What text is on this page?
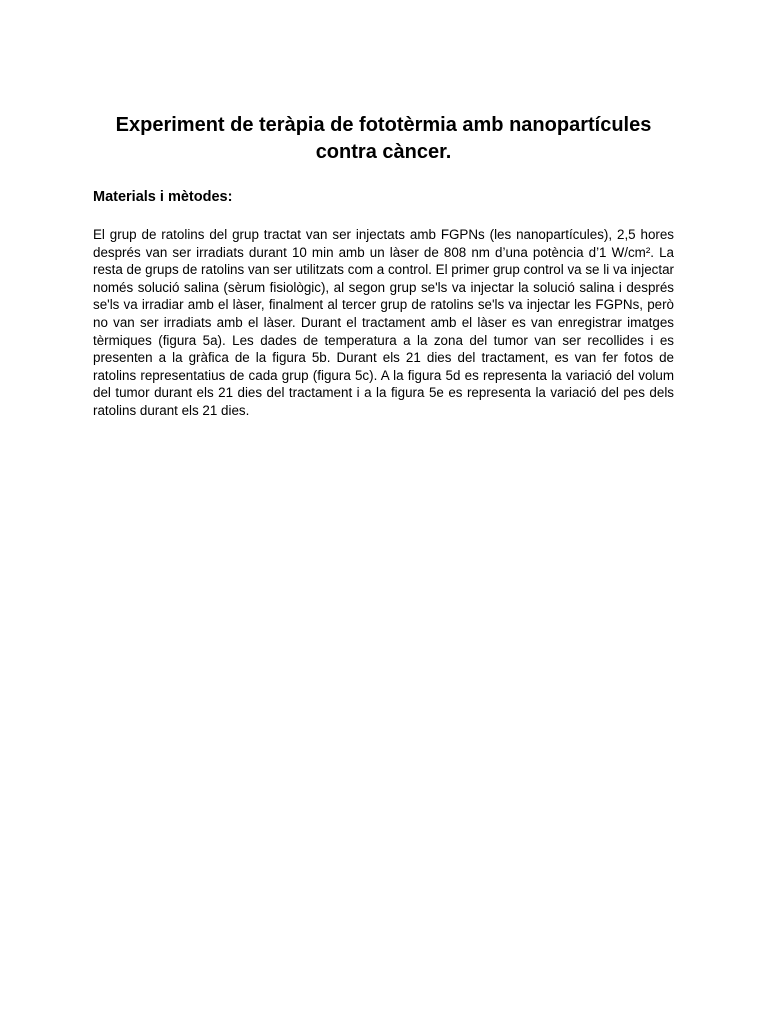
Experiment de teràpia de fototèrmia amb nanopartícules contra càncer.
Materials i mètodes:

El grup de ratolins del grup tractat van ser injectats amb FGPNs (les nanopartícules), 2,5 hores després van ser irradiats durant 10 min amb un làser de 808 nm d’una potència d’1 W/cm². La resta de grups de ratolins van ser utilitzats com a control. El primer grup control va se li va injectar només solució salina (sèrum fisiològic), al segon grup se'ls va injectar la solució salina i després se'ls va irradiar amb el làser, finalment al tercer grup de ratolins se'ls va injectar les FGPNs, però no van ser irradiats amb el làser. Durant el tractament amb el làser es van enregistrar imatges tèrmiques (figura 5a). Les dades de temperatura a la zona del tumor van ser recollides i es presenten a la gràfica de la figura 5b. Durant els 21 dies del tractament, es van fer fotos de ratolins representatius de cada grup (figura 5c). A la figura 5d es representa la variació del volum del tumor durant els 21 dies del tractament i a la figura 5e es representa la variació del pes dels ratolins durant els 21 dies.
